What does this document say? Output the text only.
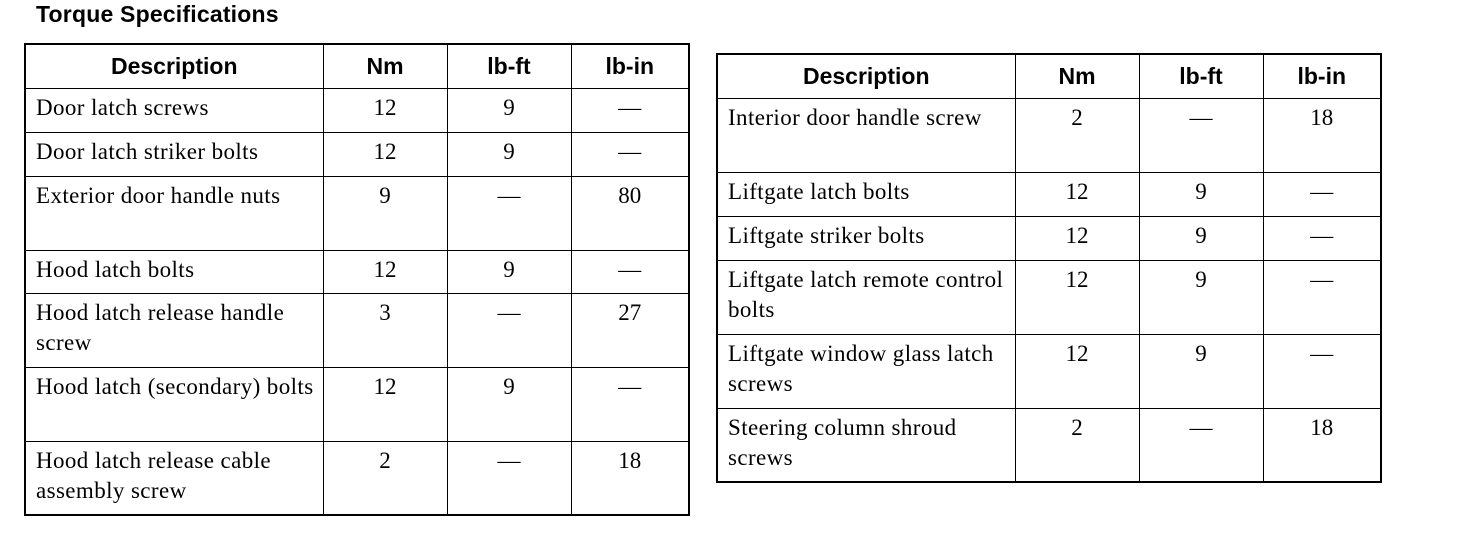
Torque Specifications
Description	Nm	lb-ft	lb-in
Door latch screws	12	9	—
Door latch striker bolts	12	9	—
Exterior door handle nuts	9	—	80
Hood latch bolts	12	9	—
Hood latch release handle screw	3	—	27
Hood latch (secondary) bolts	12	9	—
Hood latch release cable assembly screw	2	—	18
Description	Nm	lb-ft	lb-in
Interior door handle screw	2	—	18
Liftgate latch bolts	12	9	—
Liftgate striker bolts	12	9	—
Liftgate latch remote control bolts	12	9	—
Liftgate window glass latch screws	12	9	—
Steering column shroud screws	2	—	18
